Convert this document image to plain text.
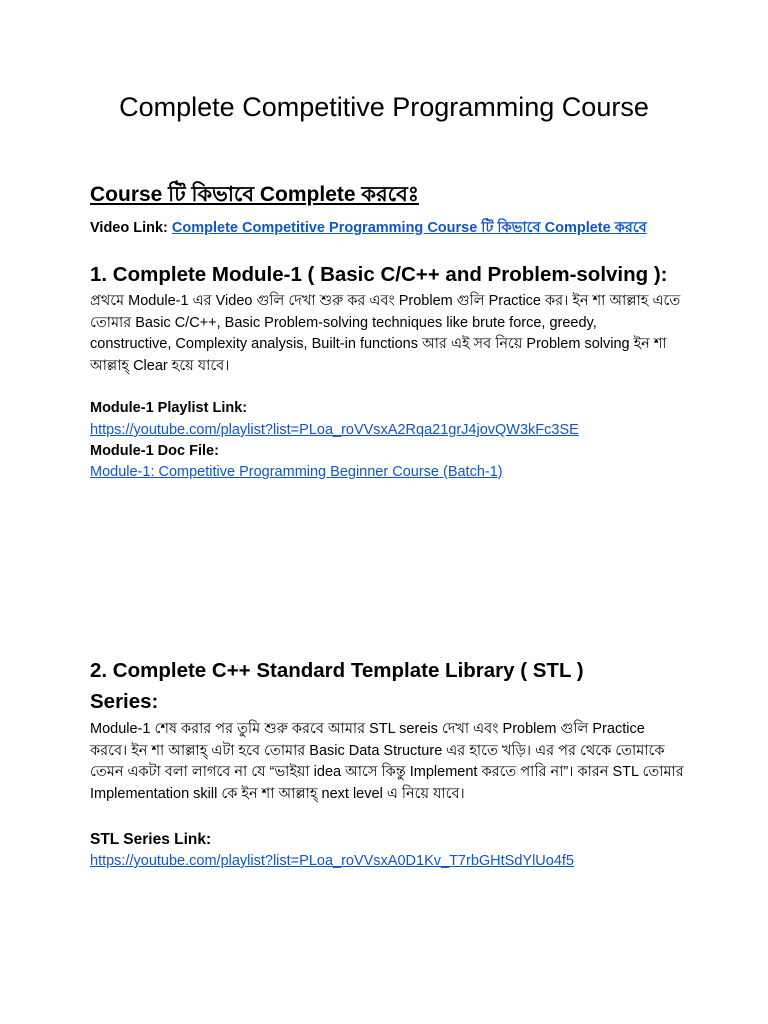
Complete Competitive Programming Course
Course টি কিভাবে Complete করবেঃ

Video Link: Complete Competitive Programming Course টি কিভাবে Complete করবে

1. Complete Module-1 ( Basic C/C++ and Problem-solving ):
প্রথমে Module-1 এর Video গুলি দেখা শুরু কর এবং Problem গুলি Practice কর। ইন শা আল্লাহ এতে
তোমার Basic C/C++, Basic Problem-solving techniques like brute force, greedy,
constructive, Complexity analysis, Built-in functions আর এই সব নিয়ে Problem solving ইন শা
আল্লাহ্‌ Clear হয়ে যাবে।

Module-1 Playlist Link:

https://youtube.com/playlist?list=PLoa_roVVsxA2Rqa21grJ4jovQW3kFc3SE

Module-1 Doc File:

Module-1: Competitive Programming Beginner Course (Batch-1)

2. Complete C++ Standard Template Library ( STL )
Series:
Module-1 শেষ করার পর তুমি শুরু করবে আমার STL sereis দেখা এবং Problem গুলি Practice
করবে। ইন শা আল্লাহ্‌ এটা হবে তোমার Basic Data Structure এর হাতে খড়ি। এর পর থেকে তোমাকে
তেমন একটা বলা লাগবে না যে “ভাইয়া idea আসে কিন্তু Implement করতে পারি না”। কারন STL তোমার
Implementation skill কে ইন শা আল্লাহ্‌ next level এ নিয়ে যাবে।

STL Series Link:

https://youtube.com/playlist?list=PLoa_roVVsxA0D1Kv_T7rbGHtSdYlUo4f5
